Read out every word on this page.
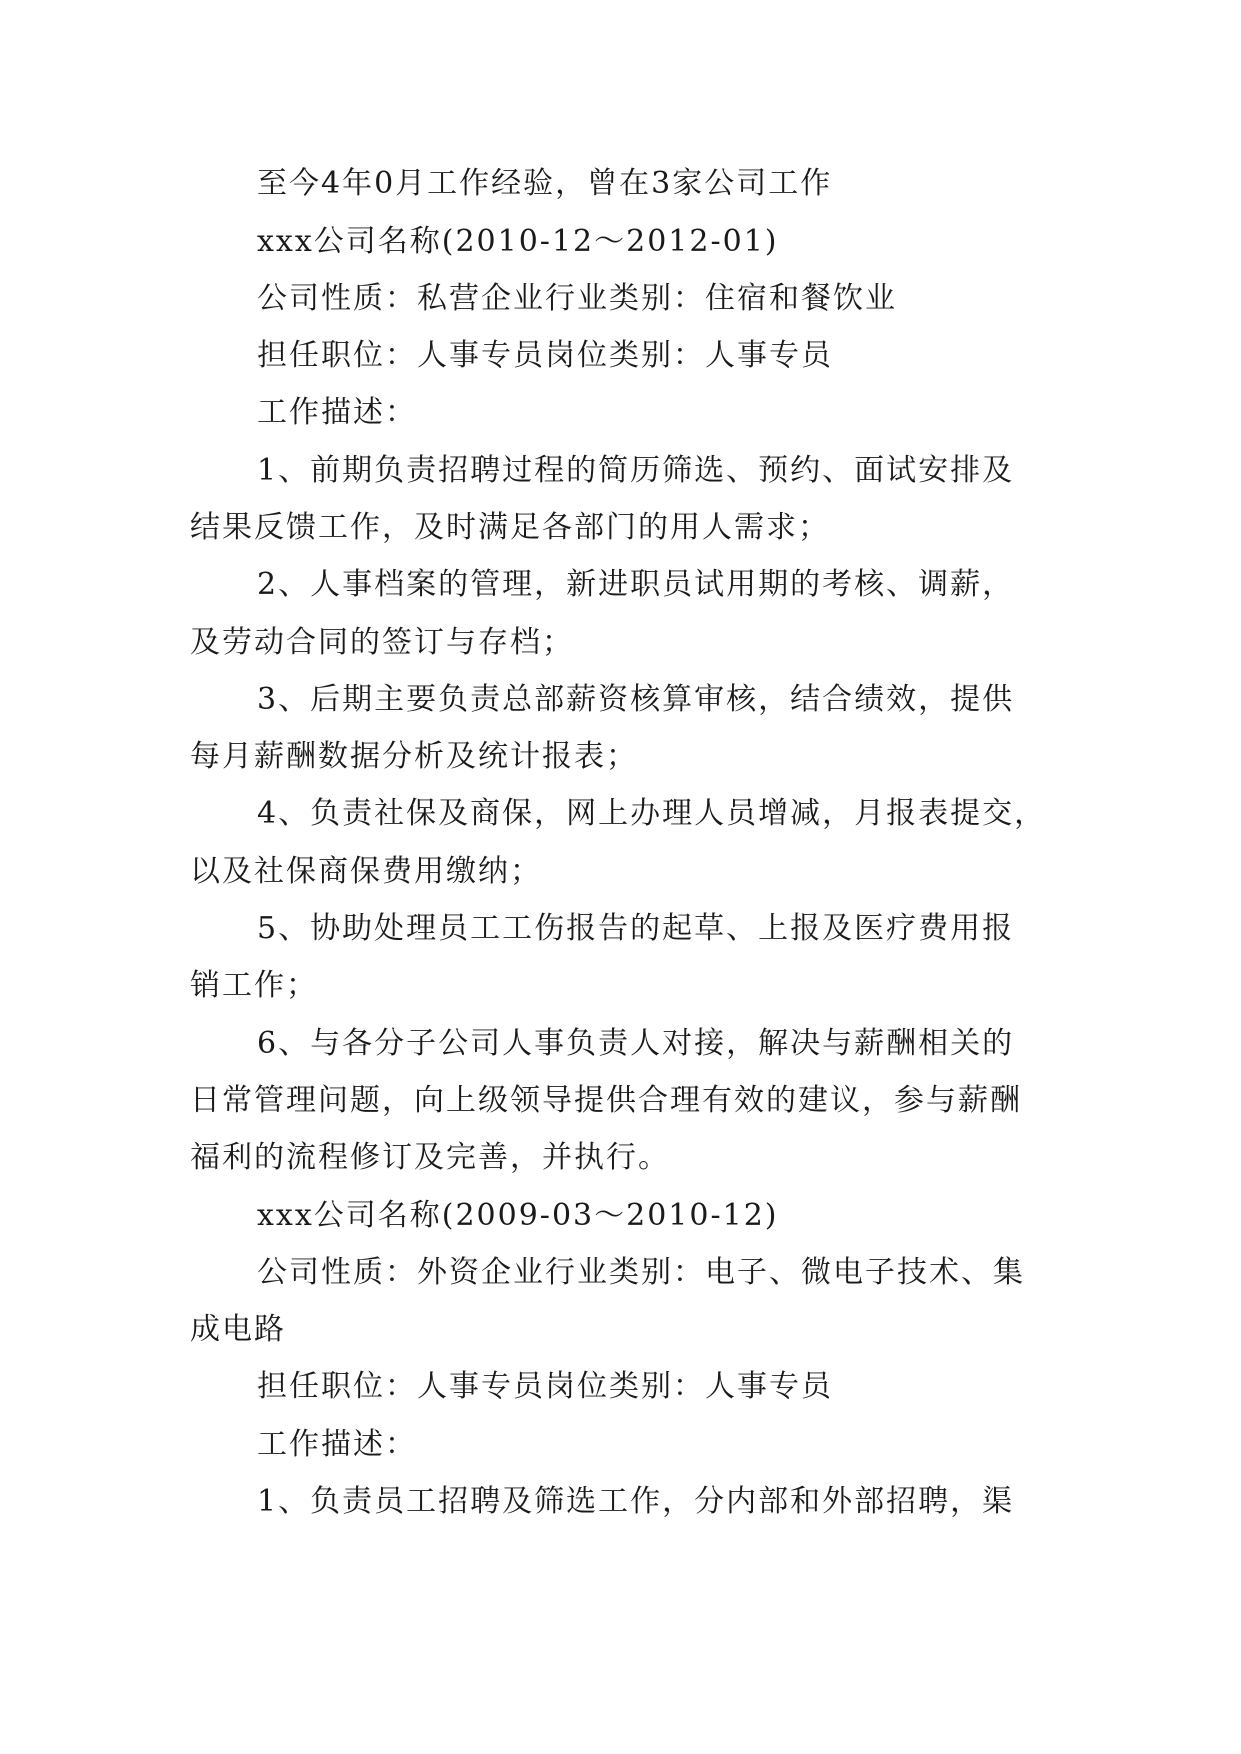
至今4年0月工作经验，曾在3家公司工作
xxx公司名称(2010-12～2012-01)
公司性质：私营企业行业类别：住宿和餐饮业
担任职位：人事专员岗位类别：人事专员
工作描述：
1、前期负责招聘过程的简历筛选、预约、面试安排及
结果反馈工作，及时满足各部门的用人需求；
2、人事档案的管理，新进职员试用期的考核、调薪，
及劳动合同的签订与存档；
3、后期主要负责总部薪资核算审核，结合绩效，提供
每月薪酬数据分析及统计报表；
4、负责社保及商保，网上办理人员增减，月报表提交，
以及社保商保费用缴纳；
5、协助处理员工工伤报告的起草、上报及医疗费用报
销工作；
6、与各分子公司人事负责人对接，解决与薪酬相关的
日常管理问题，向上级领导提供合理有效的建议，参与薪酬
福利的流程修订及完善，并执行。
xxx公司名称(2009-03～2010-12)
公司性质：外资企业行业类别：电子、微电子技术、集
成电路
担任职位：人事专员岗位类别：人事专员
工作描述：
1、负责员工招聘及筛选工作，分内部和外部招聘，渠
